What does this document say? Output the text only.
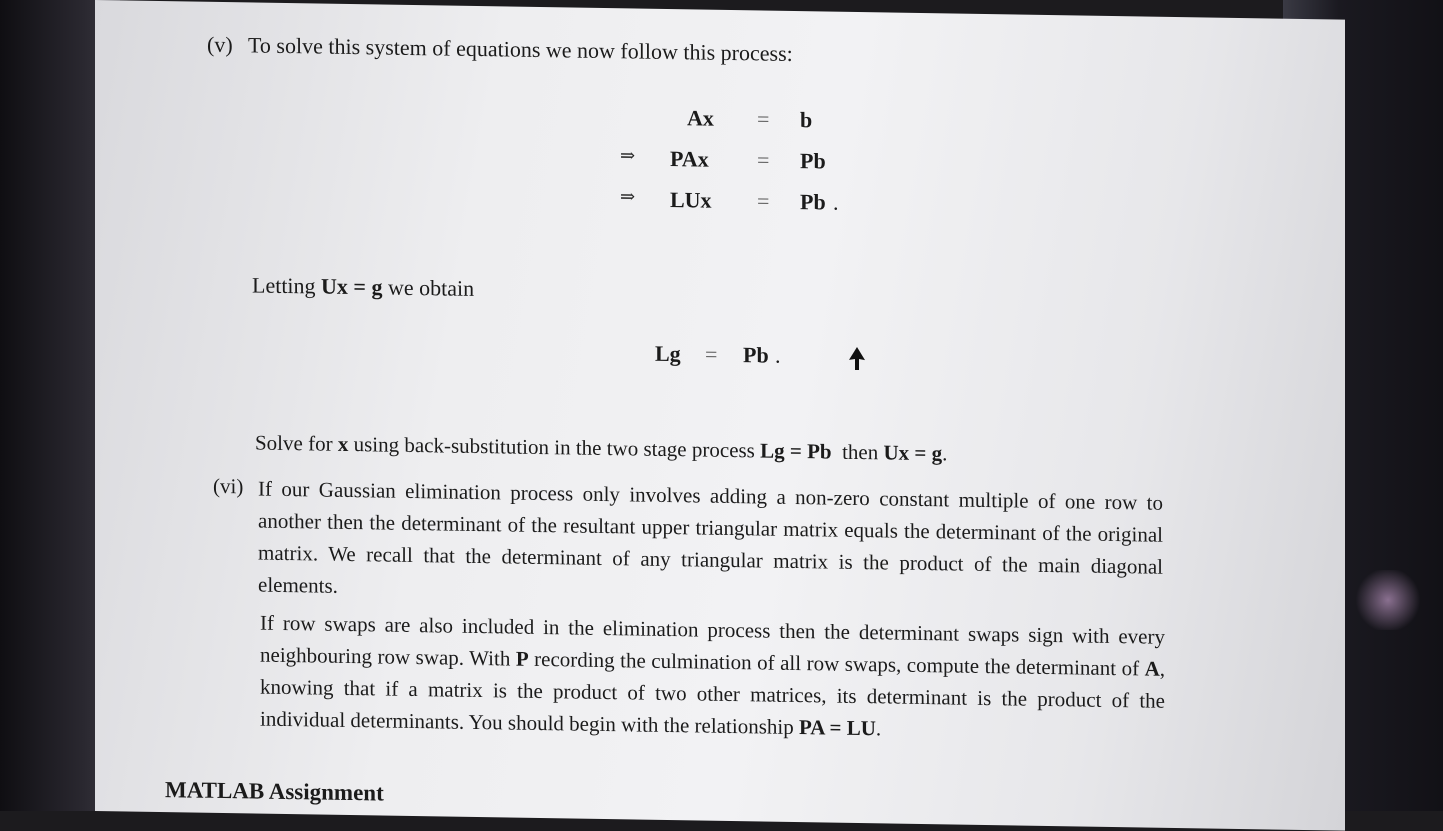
(v) To solve this system of equations we now follow this process:
Ax = b
⇒ PAx = Pb
⇒ LUx = Pb .
Letting Ux = g we obtain
Lg = Pb .
Solve for x using back-substitution in the two stage process Lg = Pb  then Ux = g.
(vi) If our Gaussian elimination process only involves adding a non-zero constant multiple of one row to another then the determinant of the resultant upper triangular matrix equals the determinant of the original matrix. We recall that the determinant of any triangular matrix is the product of the main diagonal elements.
If row swaps are also included in the elimination process then the determinant swaps sign with every neighbouring row swap. With P recording the culmination of all row swaps, compute the determinant of A, knowing that if a matrix is the product of two other matrices, its determinant is the product of the individual determinants. You should begin with the relationship PA = LU.
MATLAB Assignment
